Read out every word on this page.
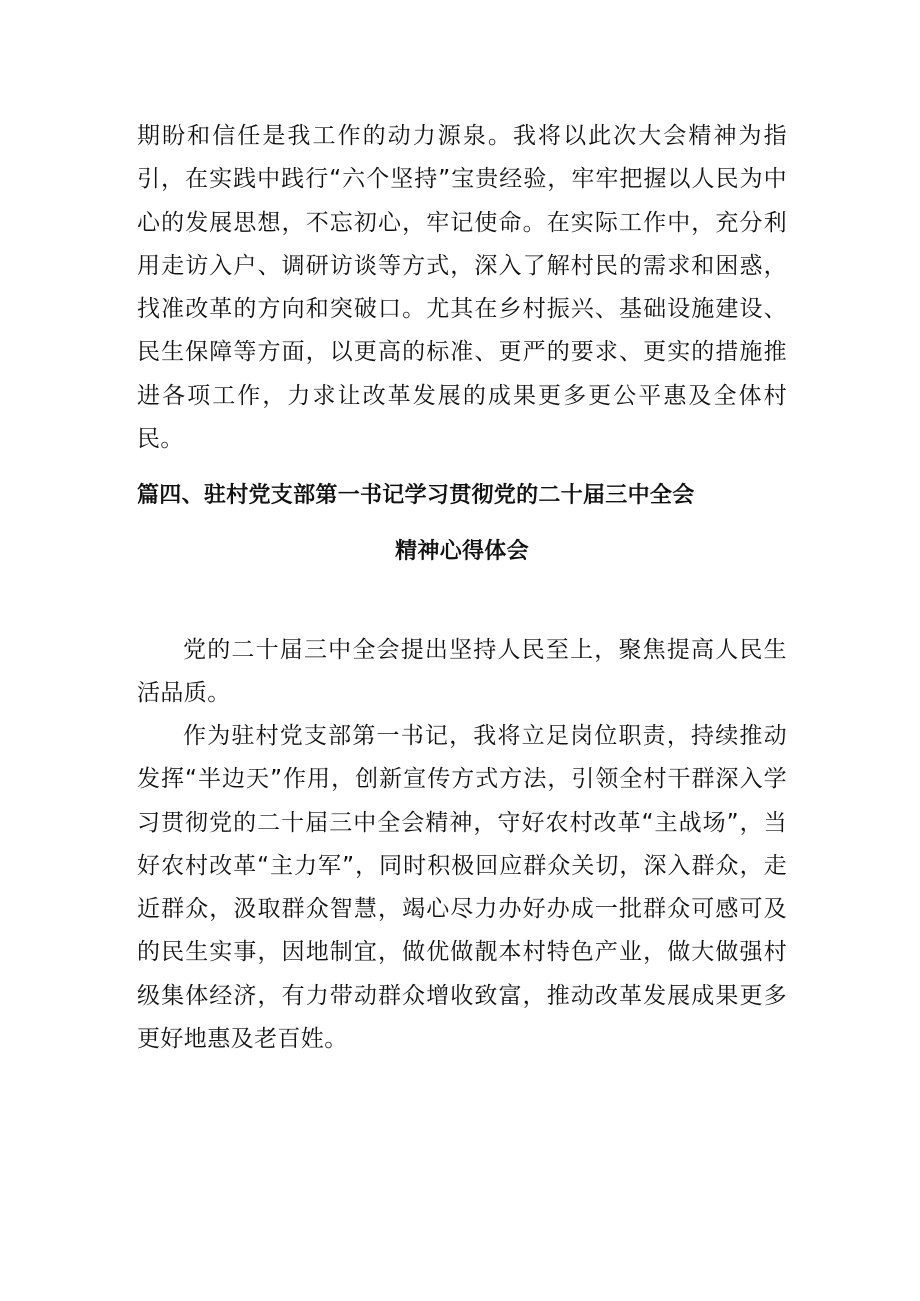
期盼和信任是我工作的动力源泉。我将以此次大会精神为指引，在实践中践行“六个坚持”宝贵经验，牢牢把握以人民为中心的发展思想，不忘初心，牢记使命。在实际工作中，充分利用走访入户、调研访谈等方式，深入了解村民的需求和困惑，找准改革的方向和突破口。尤其在乡村振兴、基础设施建设、民生保障等方面，以更高的标准、更严的要求、更实的措施推进各项工作，力求让改革发展的成果更多更公平惠及全体村民。

篇四、驻村党支部第一书记学习贯彻党的二十届三中全会
精神心得体会

党的二十届三中全会提出坚持人民至上，聚焦提高人民生活品质。

作为驻村党支部第一书记，我将立足岗位职责，持续推动发挥“半边天”作用，创新宣传方式方法，引领全村干群深入学习贯彻党的二十届三中全会精神，守好农村改革“主战场”，当好农村改革“主力军”，同时积极回应群众关切，深入群众，走近群众，汲取群众智慧，竭心尽力办好办成一批群众可感可及的民生实事，因地制宜，做优做靓本村特色产业，做大做强村级集体经济，有力带动群众增收致富，推动改革发展成果更多更好地惠及老百姓。
